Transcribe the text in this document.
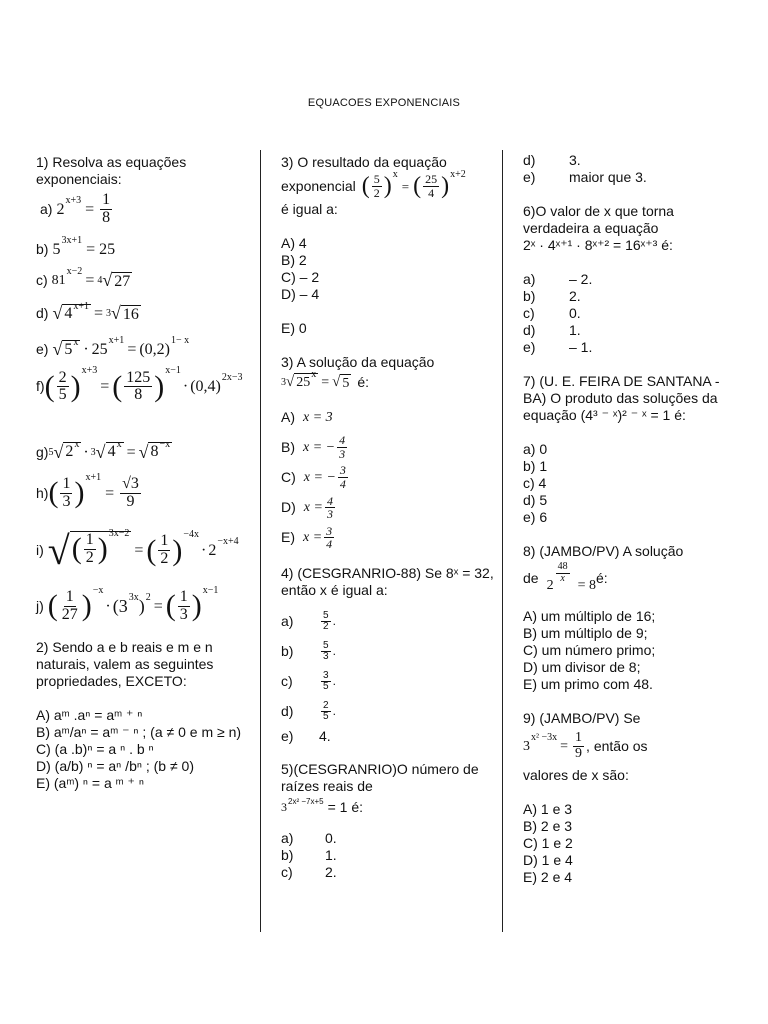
EQUACOES EXPONENCIAIS

1) Resolva as equações exponenciais:

a) 2
x+3
= $\frac{1}{8}$
b) 5
3x+1
= 25
c) 81
x−2
= 4 √ 27
d) √ $4^{x+1} = 3$ √ 16
e) √ $5^x \cdot 25$
x+1
= (0,2)
1− x
f) ( $\frac{2}{5}$ ) x+3
= ( $\frac{125}{8}$ ) x−1
· (0,4)
2x−3
g) 5 √ $2^x \cdot 3$ √ $4^x$ = √ $8^{-x}$
h) ( $\frac{1}{3}$ ) x+1
= $\frac{√3}{9}$
i) √ ( $\frac{1}{2}$ ) 3x−2
= ( $\frac{1}{2}$ ) −4x
· 2
−x+4
j) ( $\frac{1}{27}$ ) −x
· (3 3x ) 2
= ( $\frac{1}{3}$ ) x−1

2) Sendo a e b reais e m e n naturais, valem as seguintes propriedades, EXCETO:

A) aᵐ .aⁿ = aᵐ ⁺ ⁿ

B) aᵐ/aⁿ = aᵐ ⁻ ⁿ ; (a ≠ 0 e m ≥ n)

C) (a .b)ⁿ = a ⁿ . b ⁿ

D) (a/b) ⁿ = aⁿ /bⁿ ; (b ≠ 0)

E) (aᵐ) ⁿ = a ᵐ ⁺ ⁿ

3) O resultado da equação

exponencial ( $\frac{5}{2}$ ) x
= ( $\frac{25}{4}$ ) x+2

é igual a:

A) 4

B) 2

C) – 2

D) – 4

E) 0

3) A solução da equação

3 √ $25^x$
= √ 5 é:
A) x = 3
B) x = − $\frac{4}{3}$
C) x = − $\frac{3}{4}$
D) $x = \frac{4}{3}$
E) $x = \frac{3}{4}$

4) (CESGRANRIO-88) Se 8ˣ = 32, então x é igual a:

a)	$\frac{5}{2}$ .
b)	$\frac{5}{3}$ .
c)	$\frac{3}{5}$ .
d)	$\frac{2}{5}$ .
e)	4.

5)(CESGRANRIO)O número de raízes reais de

3 2x² −7x+5 = 1 é:
a)	0.
b)	1.
c)	2.
d)	3.
e)	maior que 3.

6)O valor de x que torna verdadeira a equação

2ˣ · 4ˣ⁺¹ · 8ˣ⁺² = 16ˣ⁺³ é:

a)	– 2.
b)	2.
c)	0.
d)	1.
e)	– 1.

7) (U. E. FEIRA DE SANTANA - BA) O produto das soluções da

equação (4³ ⁻ ˣ)² ⁻ ˣ = 1 é:

a) 0

b) 1

c) 4

d) 5

e) 6

8) (JAMBO/PV) A solução

de 2
$\frac{48}{x}$
= 8 é:

A) um múltiplo de 16;

B) um múltiplo de 9;

C) um número primo;

D) um divisor de 8;

E) um primo com 48.

9) (JAMBO/PV) Se

3
x² −3x
= $\frac{1}{9}$ , então os

valores de x são:

A) 1 e 3

B) 2 e 3

C) 1 e 2

D) 1 e 4

E) 2 e 4
